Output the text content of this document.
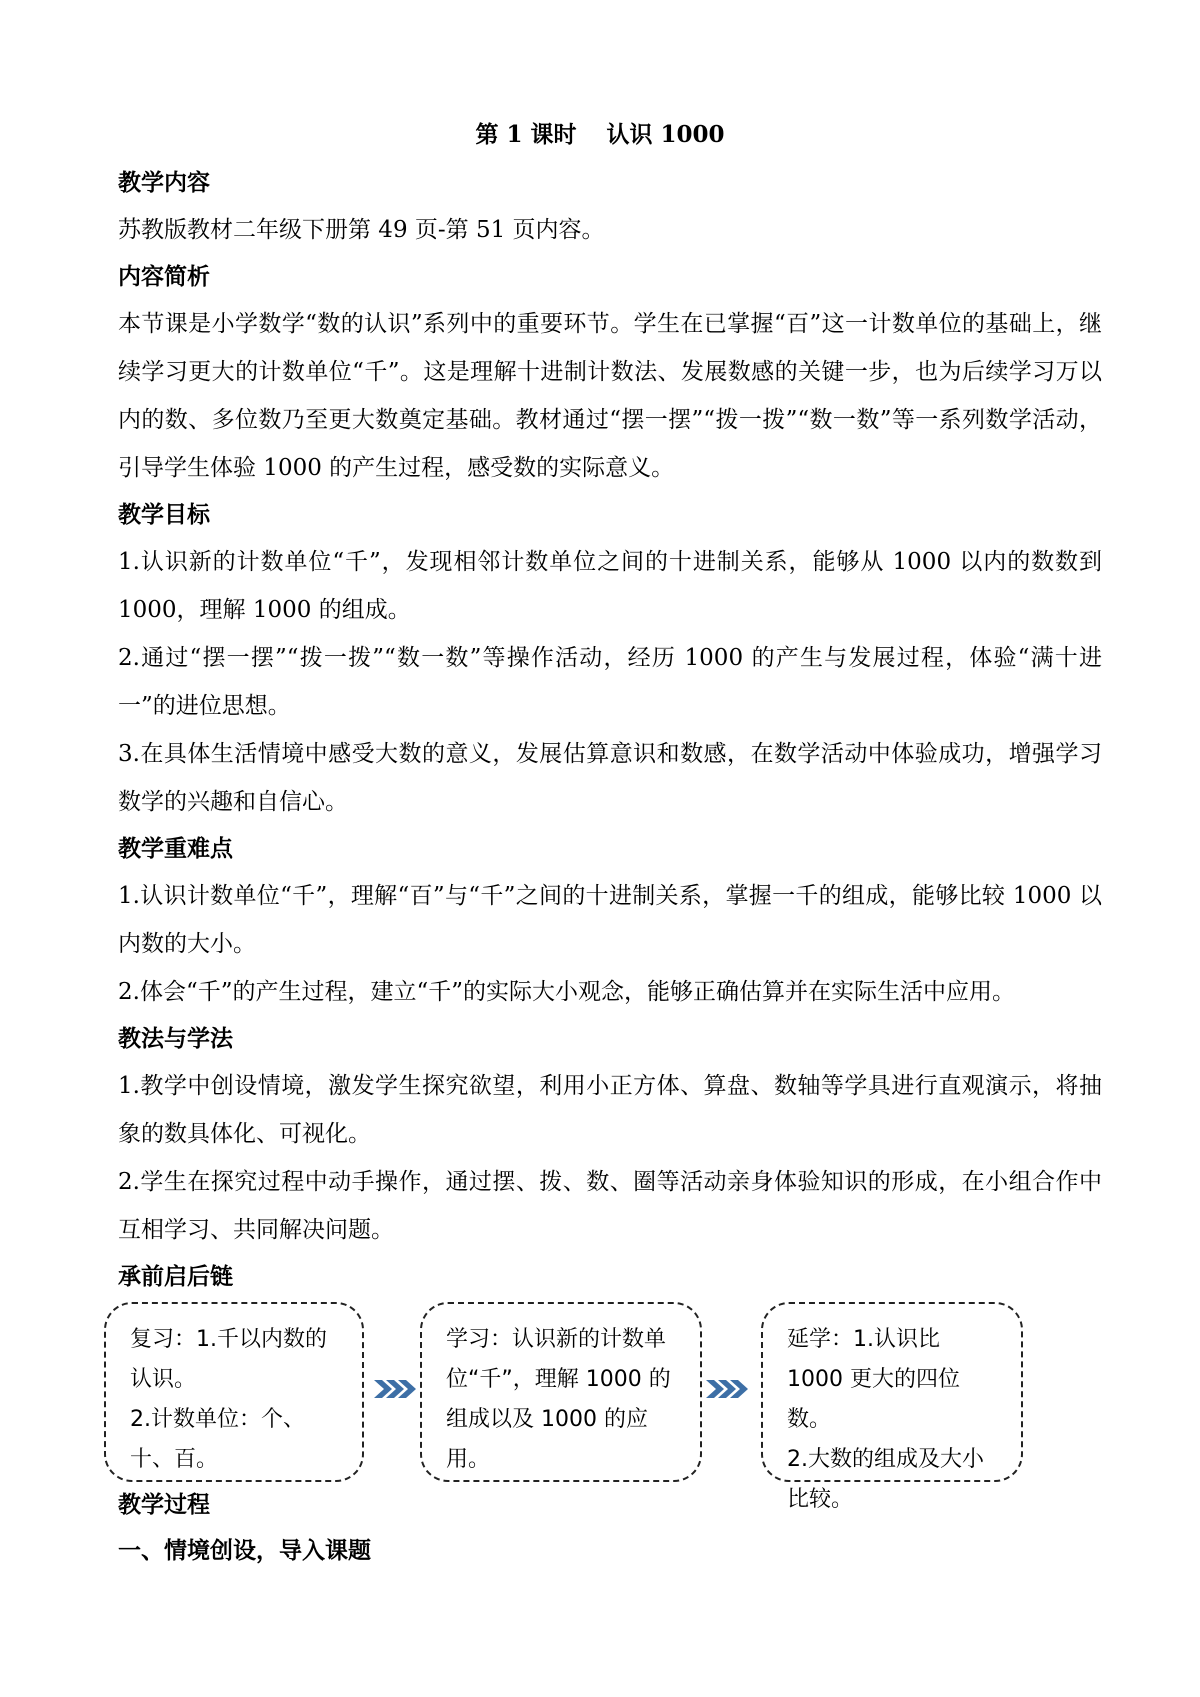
第 1 课时 认识 1000
教学内容
苏教版教材二年级下册第 49 页-第 51 页内容。
内容简析
本节课是小学数学“数的认识”系列中的重要环节。学生在已掌握“百”这一计数单位的基础上，继续学习更大的计数单位“千”。这是理解十进制计数法、发展数感的关键一步，也为后续学习万以内的数、多位数乃至更大数奠定基础。教材通过“摆一摆”“拨一拨”“数一数”等一系列数学活动，引导学生体验 1000 的产生过程，感受数的实际意义。
教学目标
1.认识新的计数单位“千”，发现相邻计数单位之间的十进制关系，能够从 1000 以内的数数到 1000，理解 1000 的组成。
2.通过“摆一摆”“拨一拨”“数一数”等操作活动，经历 1000 的产生与发展过程，体验“满十进一”的进位思想。
3.在具体生活情境中感受大数的意义，发展估算意识和数感，在数学活动中体验成功，增强学习数学的兴趣和自信心。
教学重难点
1.认识计数单位“千”，理解“百”与“千”之间的十进制关系，掌握一千的组成，能够比较 1000 以内数的大小。
2.体会“千”的产生过程，建立“千”的实际大小观念，能够正确估算并在实际生活中应用。
教法与学法
1.教学中创设情境，激发学生探究欲望，利用小正方体、算盘、数轴等学具进行直观演示，将抽象的数具体化、可视化。
2.学生在探究过程中动手操作，通过摆、拨、数、圈等活动亲身体验知识的形成，在小组合作中互相学习、共同解决问题。
承前启后链

复习：1.千以内数的认识。

2.计数单位：个、十、百。

学习：认识新的计数单位“千”，理解 1000 的组成以及 1000 的应用。

延学：1.认识比 1000 更大的四位数。

2.大数的组成及大小比较。

教学过程
一、情境创设，导入课题
